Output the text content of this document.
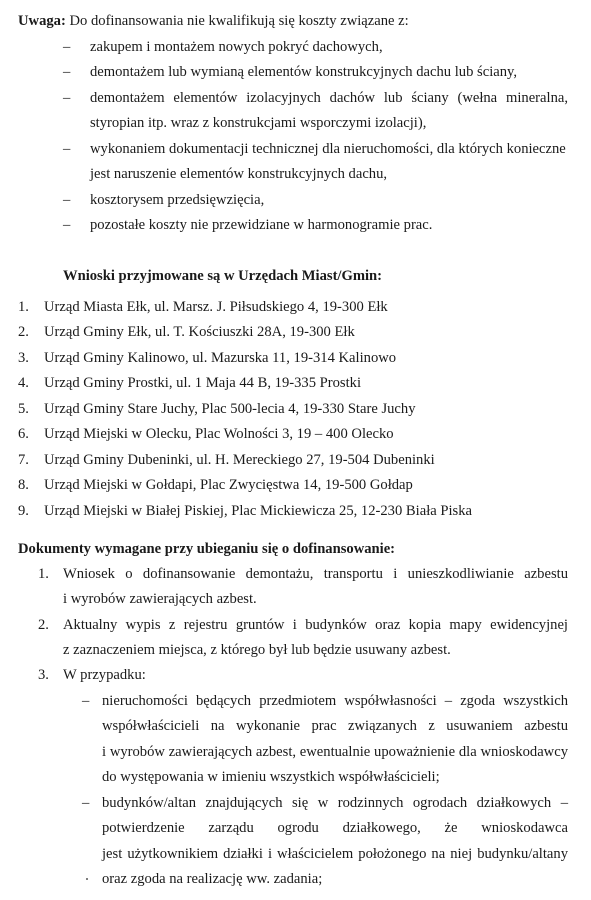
Uwaga: Do dofinansowania nie kwalifikują się koszty związane z:
– zakupem i montażem nowych pokryć dachowych,
– demontażem lub wymianą elementów konstrukcyjnych dachu lub ściany,
– demontażem elementów izolacyjnych dachów lub ściany (wełna mineralna,
styropian itp. wraz z konstrukcjami wsporczymi izolacji),
– wykonaniem dokumentacji technicznej dla nieruchomości, dla których konieczne
jest naruszenie elementów konstrukcyjnych dachu,
– kosztorysem przedsięwzięcia,
– pozostałe koszty nie przewidziane w harmonogramie prac.
Wnioski przyjmowane są w Urzędach Miast/Gmin:
1. Urząd Miasta Ełk, ul. Marsz. J. Piłsudskiego 4, 19-300 Ełk
2. Urząd Gminy Ełk, ul. T. Kościuszki 28A, 19-300 Ełk
3. Urząd Gminy Kalinowo, ul. Mazurska 11, 19-314 Kalinowo
4. Urząd Gminy Prostki, ul. 1 Maja 44 B, 19-335 Prostki
5. Urząd Gminy Stare Juchy, Plac 500-lecia 4, 19-330 Stare Juchy
6. Urząd Miejski w Olecku, Plac Wolności 3, 19 – 400 Olecko
7. Urząd Gminy Dubeninki, ul. H. Mereckiego 27, 19-504 Dubeninki
8. Urząd Miejski w Gołdapi, Plac Zwycięstwa 14, 19-500 Gołdap
9. Urząd Miejski w Białej Piskiej, Plac Mickiewicza 25, 12-230 Biała Piska
Dokumenty wymagane przy ubieganiu się o dofinansowanie:
1. Wniosek o dofinansowanie demontażu, transportu i unieszkodliwianie azbestu
i wyrobów zawierających azbest.
2. Aktualny wypis z rejestru gruntów i budynków oraz kopia mapy ewidencyjnej
z zaznaczeniem miejsca, z którego był lub będzie usuwany azbest.
3. W przypadku:
– nieruchomości będących przedmiotem współwłasności – zgoda wszystkich
współwłaścicieli na wykonanie prac związanych z usuwaniem azbestu
i wyrobów zawierających azbest, ewentualnie upoważnienie dla wnioskodawcy
do występowania w imieniu wszystkich współwłaścicieli;
– budynków/altan znajdujących się w rodzinnych ogrodach działkowych –
potwierdzenie zarządu ogrodu działkowego, że wnioskodawca
jest użytkownikiem działki i właścicielem położonego na niej budynku/altany
oraz zgoda na realizację ww. zadania;
